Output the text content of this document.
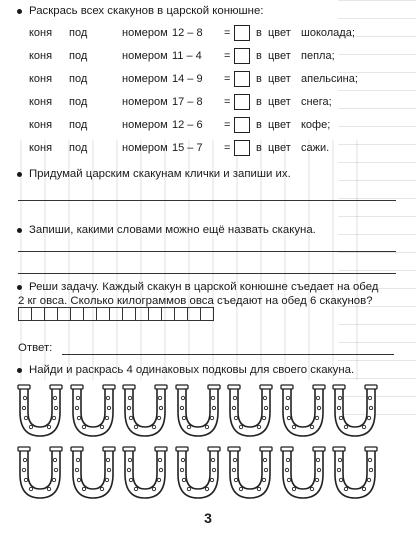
Раскрась всех скакунов в царской конюшне:
коня	под	номером 12 – 8	= в цвет шоколада;
коня	под	номером 11 – 4	= в цвет пепла;
коня	под	номером 14 – 9	= в цвет апельсина;
коня	под	номером 17 – 8	= в цвет снега;
коня	под	номером 12 – 6	= в цвет кофе;
коня	под	номером 15 – 7	= в цвет сажи.
Придумай царским скакунам клички и запиши их.
Запиши, какими словами можно ещё назвать скакуна.
Реши задачу. Каждый скакун в царской конюшне съедает на обед
2 кг овса. Сколько килограммов овса съедают на обед 6 скакунов?
Ответ:
Найди и раскрась 4 одинаковых подковы для своего скакуна.
3
